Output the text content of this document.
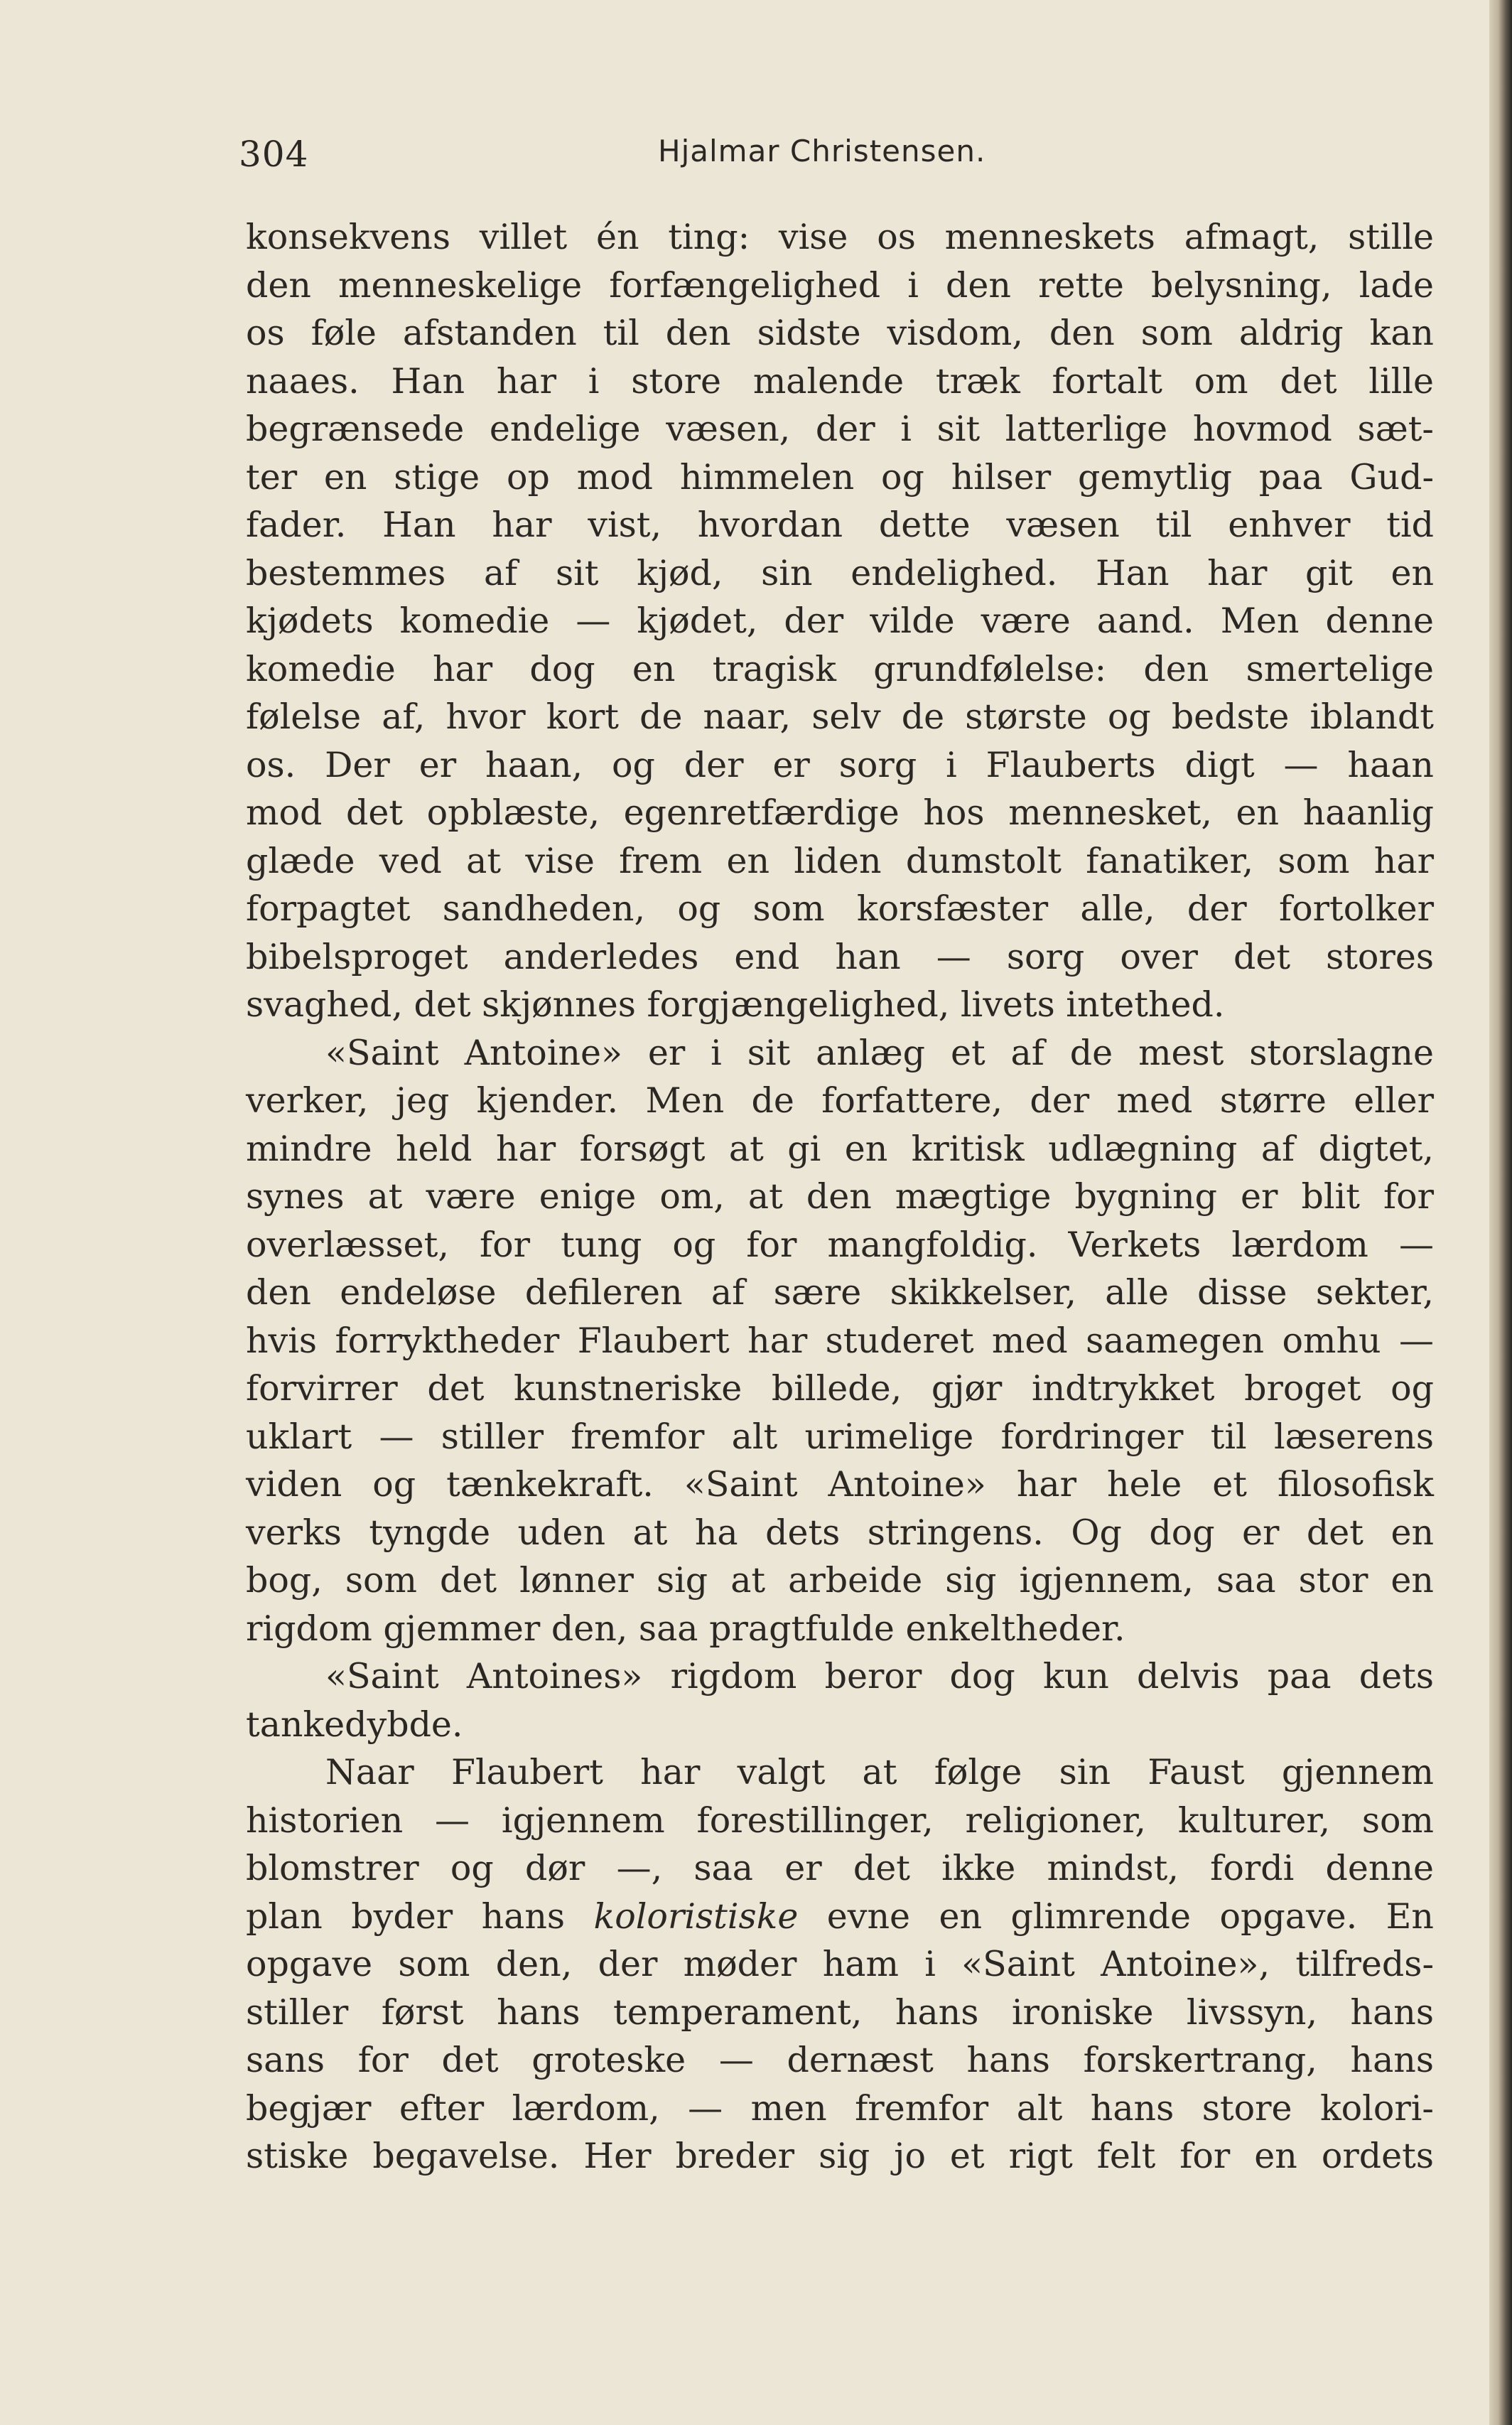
304	Hjalmar Christensen.
konsekvens villet én ting: vise os menneskets afmagt, stille
den menneskelige forfængelighed i den rette belysning, lade
os føle afstanden til den sidste visdom, den som aldrig kan
naaes. Han har i store malende træk fortalt om det lille
begrænsede endelige væsen, der i sit latterlige hovmod sæt-
ter en stige op mod himmelen og hilser gemytlig paa Gud-
fader. Han har vist, hvordan dette væsen til enhver tid
bestemmes af sit kjød, sin endelighed. Han har git en
kjødets komedie — kjødet, der vilde være aand. Men denne
komedie har dog en tragisk grundfølelse: den smertelige
følelse af, hvor kort de naar, selv de største og bedste iblandt
os. Der er haan, og der er sorg i Flauberts digt — haan
mod det opblæste, egenretfærdige hos mennesket, en haanlig
glæde ved at vise frem en liden dumstolt fanatiker, som har
forpagtet sandheden, og som korsfæster alle, der fortolker
bibelsproget anderledes end han — sorg over det stores
svaghed, det skjønnes forgjængelighed, livets intethed.
«Saint Antoine» er i sit anlæg et af de mest storslagne
verker, jeg kjender. Men de forfattere, der med større eller
mindre held har forsøgt at gi en kritisk udlægning af digtet,
synes at være enige om, at den mægtige bygning er blit for
overlæsset, for tung og for mangfoldig. Verkets lærdom —
den endeløse defileren af sære skikkelser, alle disse sekter,
hvis forryktheder Flaubert har studeret med saamegen omhu —
forvirrer det kunstneriske billede, gjør indtrykket broget og
uklart — stiller fremfor alt urimelige fordringer til læserens
viden og tænkekraft. «Saint Antoine» har hele et filosofisk
verks tyngde uden at ha dets stringens. Og dog er det en
bog, som det lønner sig at arbeide sig igjennem, saa stor en
rigdom gjemmer den, saa pragtfulde enkeltheder.
«Saint Antoines» rigdom beror dog kun delvis paa dets
tankedybde.
Naar Flaubert har valgt at følge sin Faust gjennem
historien — igjennem forestillinger, religioner, kulturer, som
blomstrer og dør —, saa er det ikke mindst, fordi denne
plan byder hans koloristiske evne en glimrende opgave. En
opgave som den, der møder ham i «Saint Antoine», tilfreds-
stiller først hans temperament, hans ironiske livssyn, hans
sans for det groteske — dernæst hans forskertrang, hans
begjær efter lærdom, — men fremfor alt hans store kolori-
stiske begavelse. Her breder sig jo et rigt felt for en ordets
